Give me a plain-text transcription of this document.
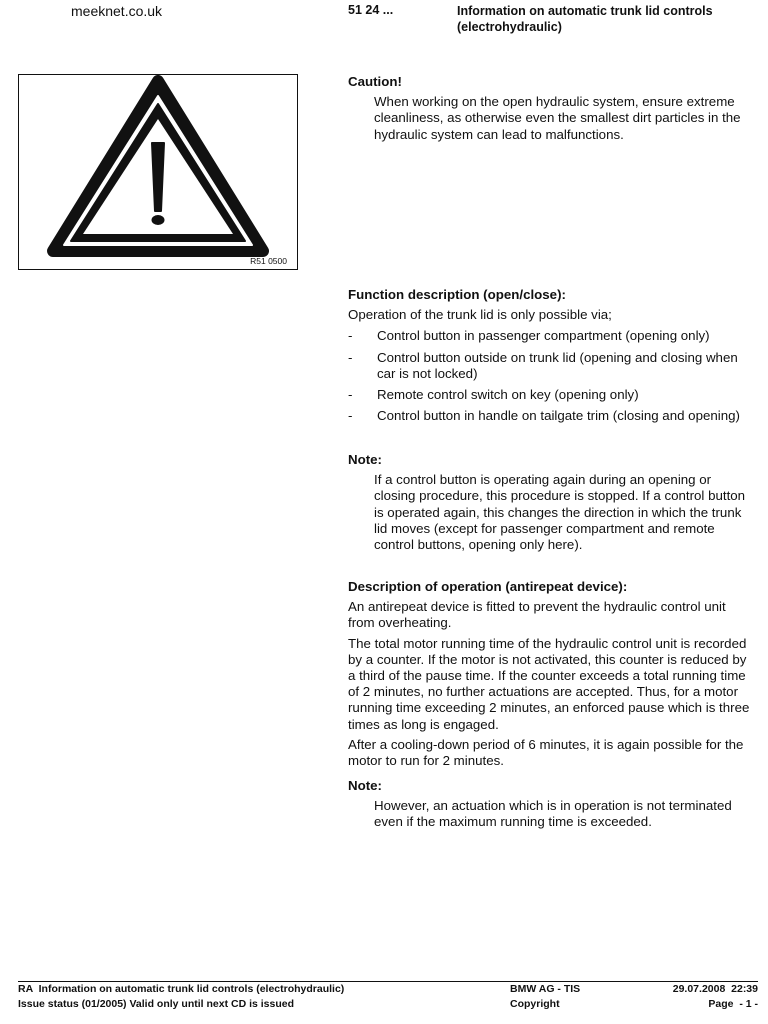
meeknet.co.uk	51 24 ...	Information on automatic trunk lid controls
(electrohydraulic)
R51 0500

Caution!

When working on the open hydraulic system, ensure extreme cleanliness, as otherwise even the smallest dirt particles in the hydraulic system can lead to malfunctions.

Function description (open/close):

Operation of the trunk lid is only possible via;

-	Control button in passenger compartment (opening only)
-	Control button outside on trunk lid (opening and closing when car is not locked)
-	Remote control switch on key (opening only)
-	Control button in handle on tailgate trim (closing and opening)

Note:

If a control button is operating again during an opening or closing procedure, this procedure is stopped. If a control button is operated again, this changes the direction in which the trunk lid moves (except for passenger compartment and remote control buttons, opening only here).

Description of operation (antirepeat device):

An antirepeat device is fitted to prevent the hydraulic control unit from overheating.

The total motor running time of the hydraulic control unit is recorded by a counter. If the motor is not activated, this counter is reduced by a third of the pause time. If the counter exceeds a total running time of 2 minutes, no further actuations are accepted. Thus, for a motor running time exceeding 2 minutes, an enforced pause which is three times as long is engaged.

After a cooling-down period of 6 minutes, it is again possible for the motor to run for 2 minutes.

Note:

However, an actuation which is in operation is not terminated even if the maximum running time is exceeded.

RA  Information on automatic trunk lid controls (electrohydraulic)
Issue status (01/2005) Valid only until next CD is issued
BMW AG - TIS
Copyright
29.07.2008  22:39
Page  - 1 -
